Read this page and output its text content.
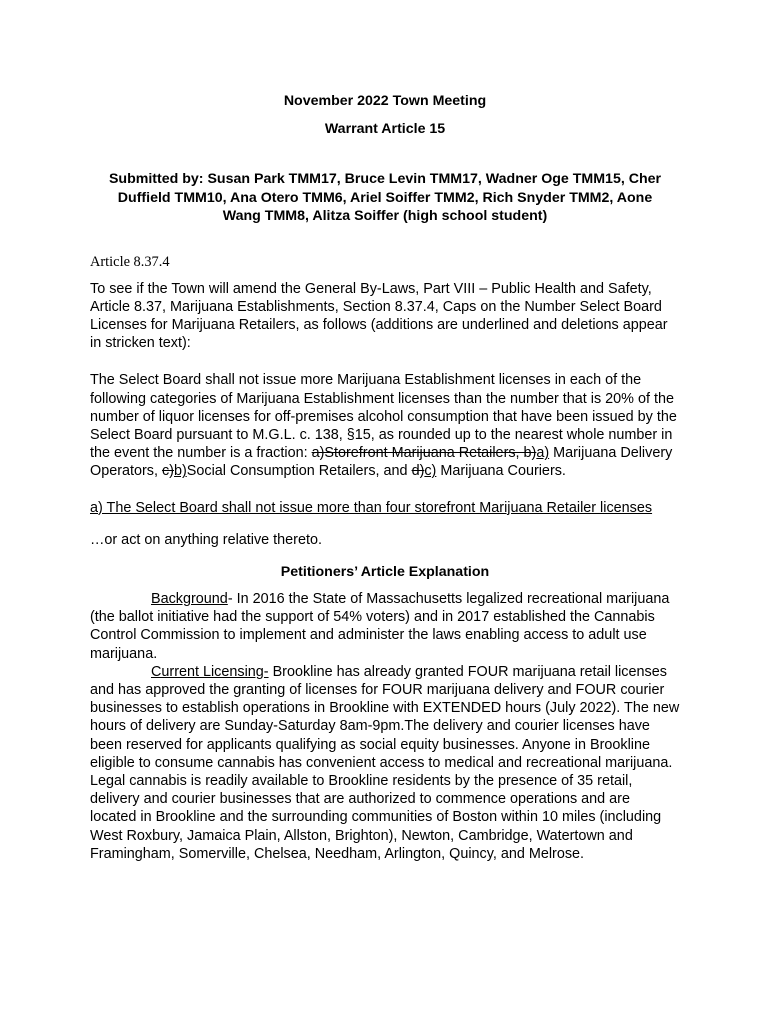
November 2022 Town Meeting
Warrant Article 15
Submitted by: Susan Park TMM17, Bruce Levin TMM17, Wadner Oge TMM15, Cher
Duffield TMM10, Ana Otero TMM6, Ariel Soiffer TMM2, Rich Snyder TMM2, Aone
Wang TMM8, Alitza Soiffer (high school student)
Article 8.37.4

To see if the Town will amend the General By-Laws, Part VIII – Public Health and Safety, Article 8.37, Marijuana Establishments, Section 8.37.4, Caps on the Number Select Board Licenses for Marijuana Retailers, as follows (additions are underlined and deletions appear in stricken text):

The Select Board shall not issue more Marijuana Establishment licenses in each of the following categories of Marijuana Establishment licenses than the number that is 20% of the number of liquor licenses for off-premises alcohol consumption that have been issued by the Select Board pursuant to M.G.L. c. 138, §15, as rounded up to the nearest whole number in the event the number is a fraction: a)Storefront Marijuana Retailers, b)a) Marijuana Delivery Operators, c)b)Social Consumption Retailers, and d)c) Marijuana Couriers.

a) The Select Board shall not issue more than four storefront Marijuana Retailer licenses

…or act on anything relative thereto.

Petitioners’ Article Explanation

Background- In 2016 the State of Massachusetts legalized recreational marijuana (the ballot initiative had the support of 54% voters) and in 2017 established the Cannabis Control Commission to implement and administer the laws enabling access to adult use marijuana.

Current Licensing- Brookline has already granted FOUR marijuana retail licenses and has approved the granting of licenses for FOUR marijuana delivery and FOUR courier businesses to establish operations in Brookline with EXTENDED hours (July 2022). The new hours of delivery are Sunday-Saturday 8am-9pm.The delivery and courier licenses have been reserved for applicants qualifying as social equity businesses. Anyone in Brookline eligible to consume cannabis has convenient access to medical and recreational marijuana. Legal cannabis is readily available to Brookline residents by the presence of 35 retail, delivery and courier businesses that are authorized to commence operations and are located in Brookline and the surrounding communities of Boston within 10 miles (including West Roxbury, Jamaica Plain, Allston, Brighton), Newton, Cambridge, Watertown and Framingham, Somerville, Chelsea, Needham, Arlington, Quincy, and Melrose.
